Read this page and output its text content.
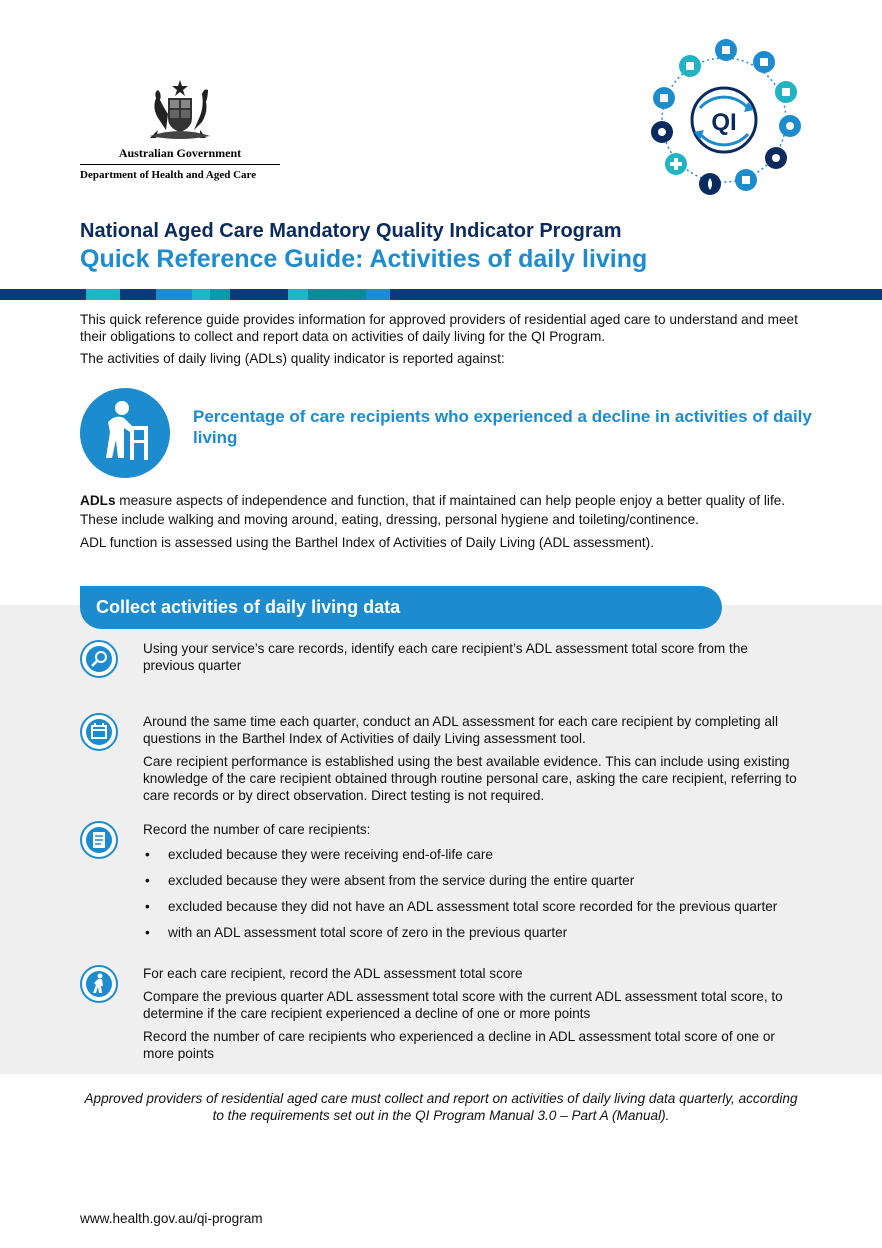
Australian Government
Department of Health and Aged Care
QI
National Aged Care Mandatory Quality Indicator Program
Quick Reference Guide: Activities of daily living

This quick reference guide provides information for approved providers of residential aged care to understand and meet their obligations to collect and report data on activities of daily living for the QI Program.

The activities of daily living (ADLs) quality indicator is reported against:

Percentage of care recipients who experienced a decline in activities of daily living

ADLs measure aspects of independence and function, that if maintained can help people enjoy a better quality of life. These include walking and moving around, eating, dressing, personal hygiene and toileting/continence.

ADL function is assessed using the Barthel Index of Activities of Daily Living (ADL assessment).

Collect activities of daily living data

Using your service’s care records, identify each care recipient’s ADL assessment total score from the previous quarter

Around the same time each quarter, conduct an ADL assessment for each care recipient by completing all questions in the Barthel Index of Activities of daily Living assessment tool.

Care recipient performance is established using the best available evidence. This can include using existing knowledge of the care recipient obtained through routine personal care, asking the care recipient, referring to care records or by direct observation. Direct testing is not required.

Record the number of care recipients:

• excluded because they were receiving end-of-life care
• excluded because they were absent from the service during the entire quarter
• excluded because they did not have an ADL assessment total score recorded for the previous quarter
• with an ADL assessment total score of zero in the previous quarter

For each care recipient, record the ADL assessment total score

Compare the previous quarter ADL assessment total score with the current ADL assessment total score, to determine if the care recipient experienced a decline of one or more points

Record the number of care recipients who experienced a decline in ADL assessment total score of one or more points

Approved providers of residential aged care must collect and report on activities of daily living data quarterly, according to the requirements set out in the QI Program Manual 3.0 – Part A (Manual).
www.health.gov.au/qi-program
